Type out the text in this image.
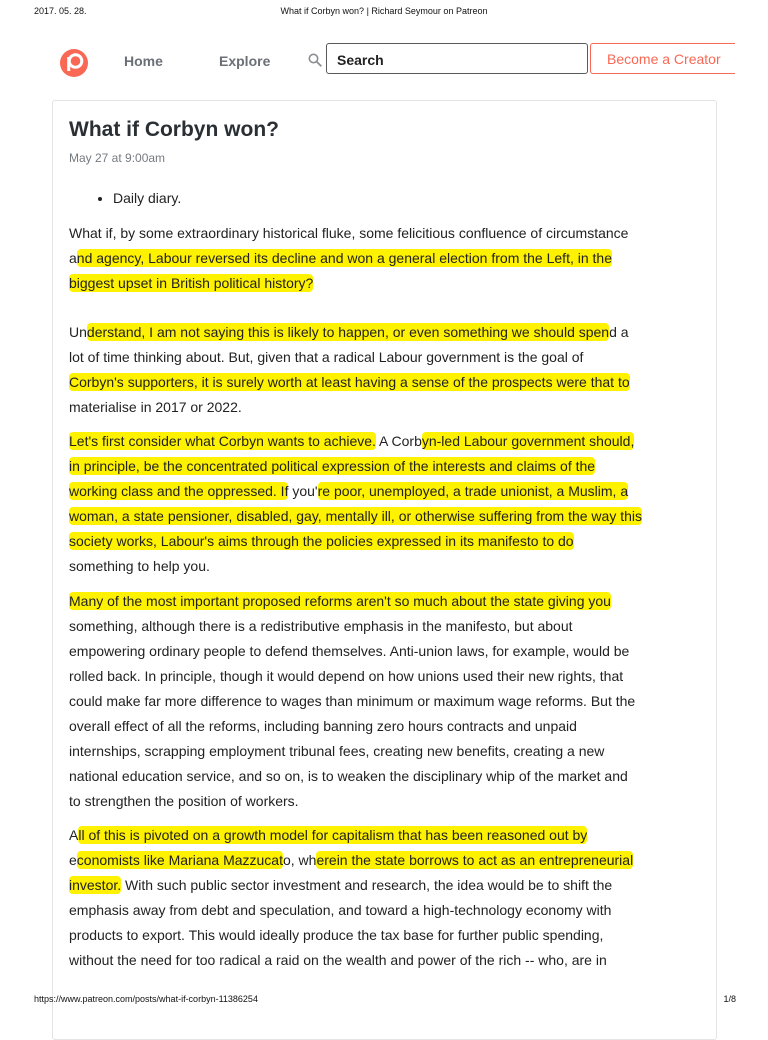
2017. 05. 28.	What if Corbyn won? | Richard Seymour on Patreon
Home	Explore	Search	Become a Creator
What if Corbyn won?
May 27 at 9:00am
• Daily diary.
What if, by some extraordinary historical fluke, some felicitious confluence of circumstance
and agency, Labour reversed its decline and won a general election from the Left, in the
biggest upset in British political history?
Understand, I am not saying this is likely to happen, or even something we should spend a
lot of time thinking about. But, given that a radical Labour government is the goal of
Corbyn's supporters, it is surely worth at least having a sense of the prospects were that to
materialise in 2017 or 2022.
Let's first consider what Corbyn wants to achieve. A Corbyn-led Labour government should,
in principle, be the concentrated political expression of the interests and claims of the
working class and the oppressed. If you're poor, unemployed, a trade unionist, a Muslim, a
woman, a state pensioner, disabled, gay, mentally ill, or otherwise suffering from the way this
society works, Labour's aims through the policies expressed in its manifesto to do
something to help you.
Many of the most important proposed reforms aren't so much about the state giving you
something, although there is a redistributive emphasis in the manifesto, but about
empowering ordinary people to defend themselves. Anti-union laws, for example, would be
rolled back. In principle, though it would depend on how unions used their new rights, that
could make far more difference to wages than minimum or maximum wage reforms. But the
overall effect of all the reforms, including banning zero hours contracts and unpaid
internships, scrapping employment tribunal fees, creating new benefits, creating a new
national education service, and so on, is to weaken the disciplinary whip of the market and
to strengthen the position of workers.
All of this is pivoted on a growth model for capitalism that has been reasoned out by
economists like Mariana Mazzucato, wherein the state borrows to act as an entrepreneurial
investor. With such public sector investment and research, the idea would be to shift the
emphasis away from debt and speculation, and toward a high-technology economy with
products to export. This would ideally produce the tax base for further public spending,
without the need for too radical a raid on the wealth and power of the rich -- who, are in
https://www.patreon.com/posts/what-if-corbyn-11386254	1/8
